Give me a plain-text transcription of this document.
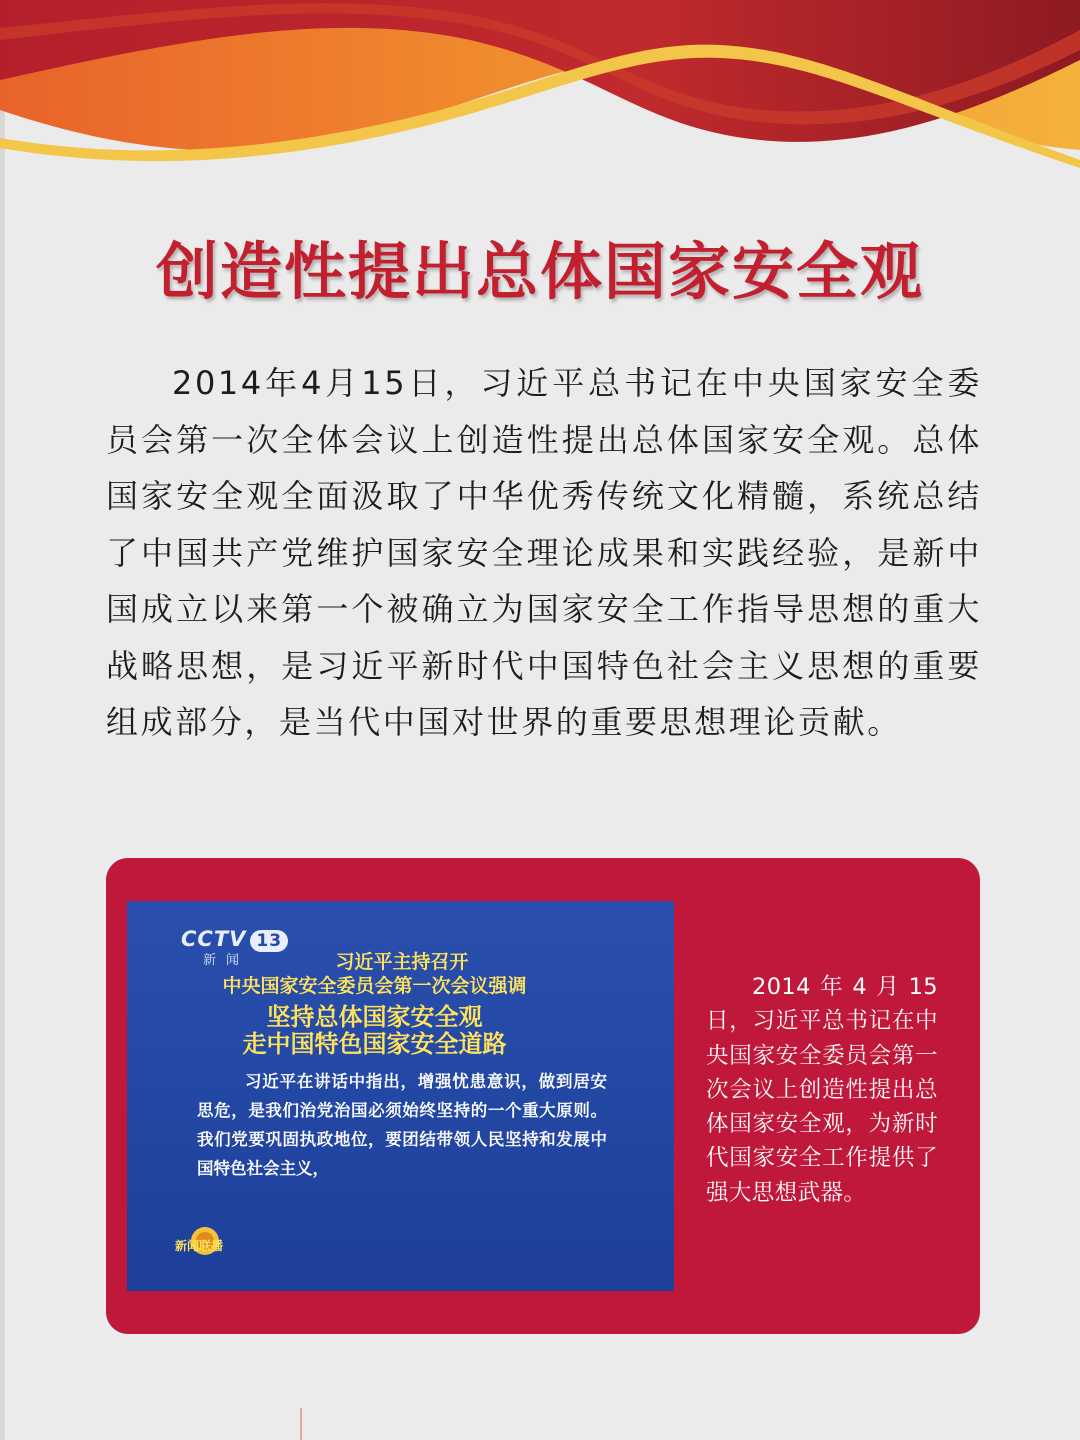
创造性提出总体国家安全观

2014年4月15日，习近平总书记在中央国家安全委员会第一次全体会议上创造性提出总体国家安全观。总体国家安全观全面汲取了中华优秀传统文化精髓，系统总结了中国共产党维护国家安全理论成果和实践经验，是新中国成立以来第一个被确立为国家安全工作指导思想的重大战略思想，是习近平新时代中国特色社会主义思想的重要组成部分，是当代中国对世界的重要思想理论贡献。

CCTV 13
新闻	习近平主持召开
中央国家安全委员会第一次会议强调
坚持总体国家安全观
走中国特色国家安全道路
习近平在讲话中指出，增强忧患意识，做到居安思危，是我们治党治国必须始终坚持的一个重大原则。我们党要巩固执政地位，要团结带领人民坚持和发展中国特色社会主义，
新闻联播

2014年4月15日，习近平总书记在中央国家安全委员会第一次会议上创造性提出总体国家安全观，为新时代国家安全工作提供了强大思想武器。
